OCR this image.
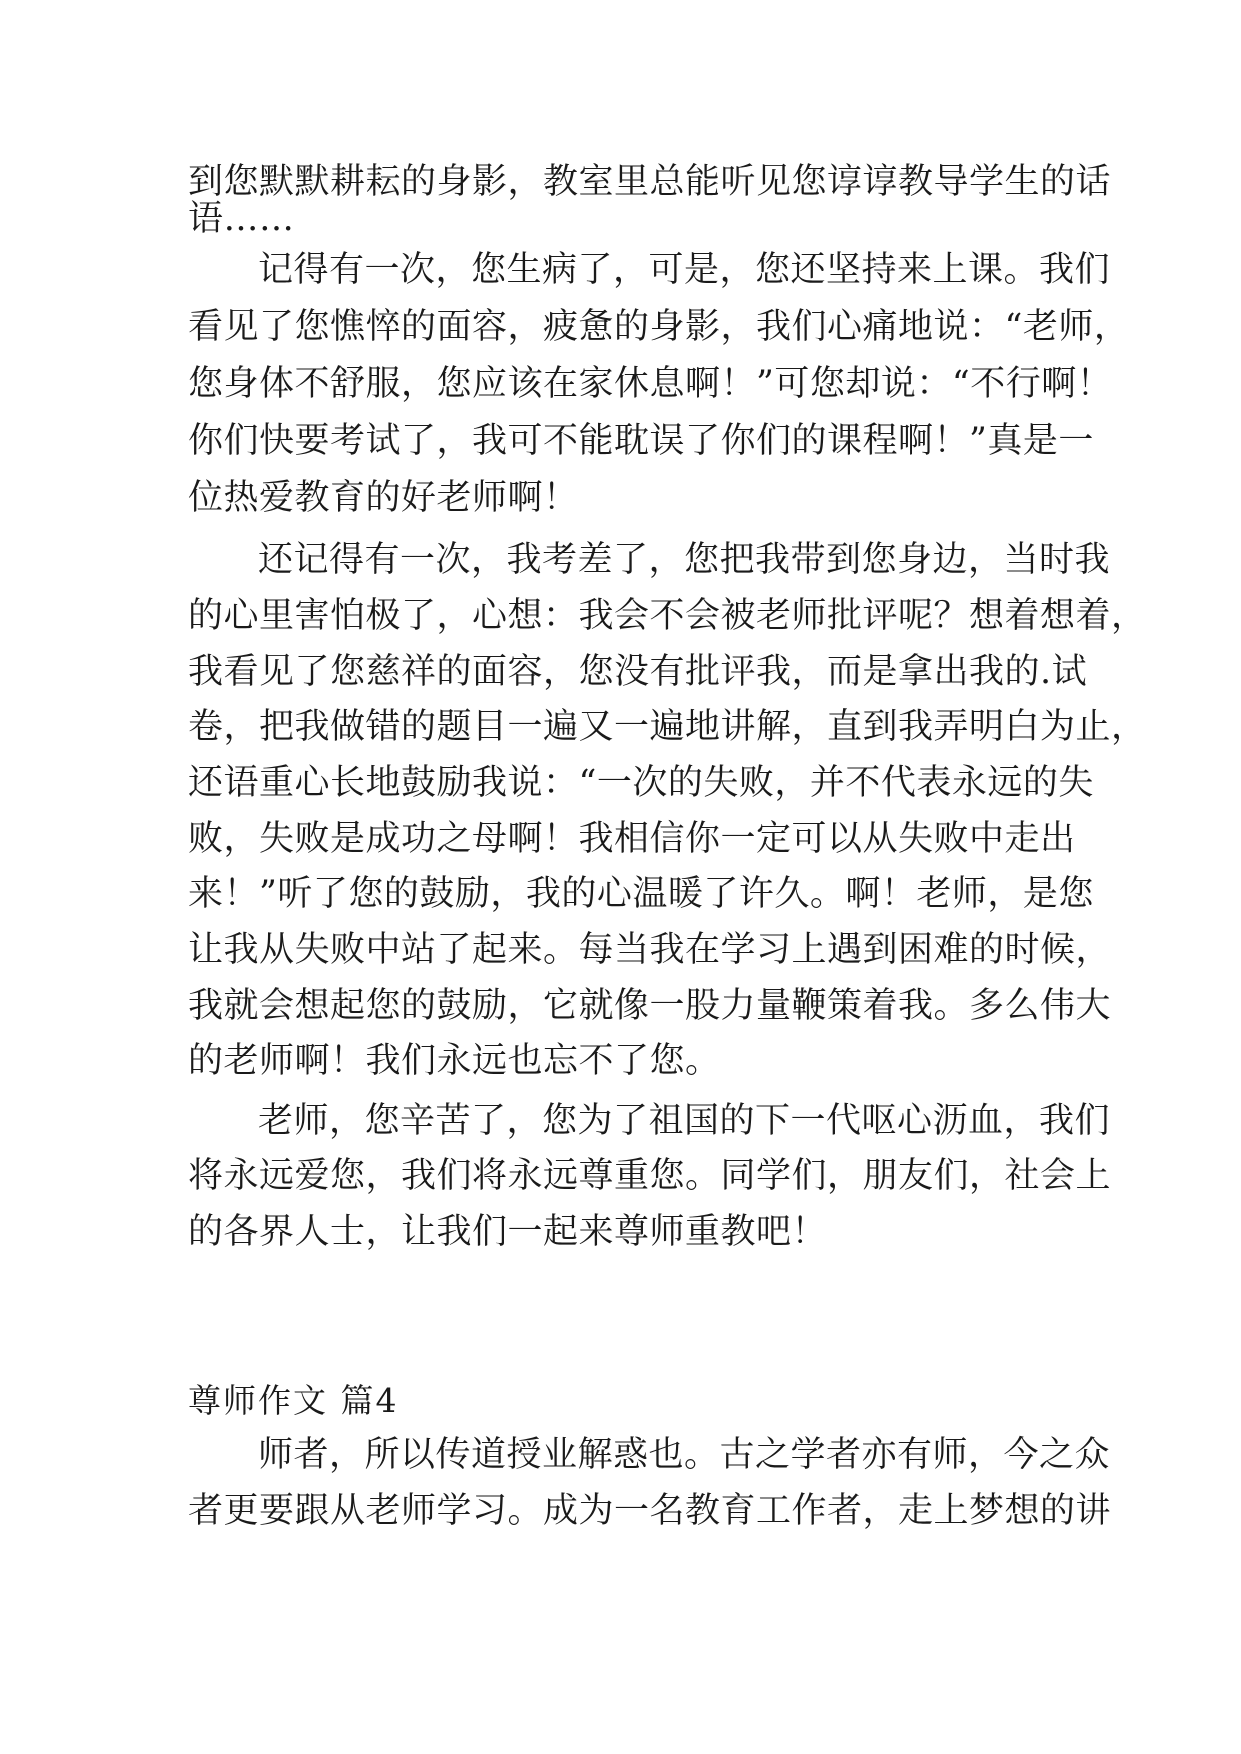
到您默默耕耘的身影，教室里总能听见您谆谆教导学生的话
语……
记得有一次，您生病了，可是，您还坚持来上课。我们
看见了您憔悴的面容，疲惫的身影，我们心痛地说：“老师，
您身体不舒服，您应该在家休息啊！”可您却说：“不行啊！
你们快要考试了，我可不能耽误了你们的课程啊！”真是一
位热爱教育的好老师啊！
还记得有一次，我考差了，您把我带到您身边，当时我
的心里害怕极了，心想：我会不会被老师批评呢？想着想着，
我看见了您慈祥的面容，您没有批评我，而是拿出我的.试
卷，把我做错的题目一遍又一遍地讲解，直到我弄明白为止，
还语重心长地鼓励我说：“一次的失败，并不代表永远的失
败，失败是成功之母啊！我相信你一定可以从失败中走出
来！”听了您的鼓励，我的心温暖了许久。啊！老师，是您
让我从失败中站了起来。每当我在学习上遇到困难的时候，
我就会想起您的鼓励，它就像一股力量鞭策着我。多么伟大
的老师啊！我们永远也忘不了您。
老师，您辛苦了，您为了祖国的下一代呕心沥血，我们
将永远爱您，我们将永远尊重您。同学们，朋友们，社会上
的各界人士，让我们一起来尊师重教吧！
尊师作文 篇4
师者，所以传道授业解惑也。古之学者亦有师，今之众
者更要跟从老师学习。成为一名教育工作者，走上梦想的讲
